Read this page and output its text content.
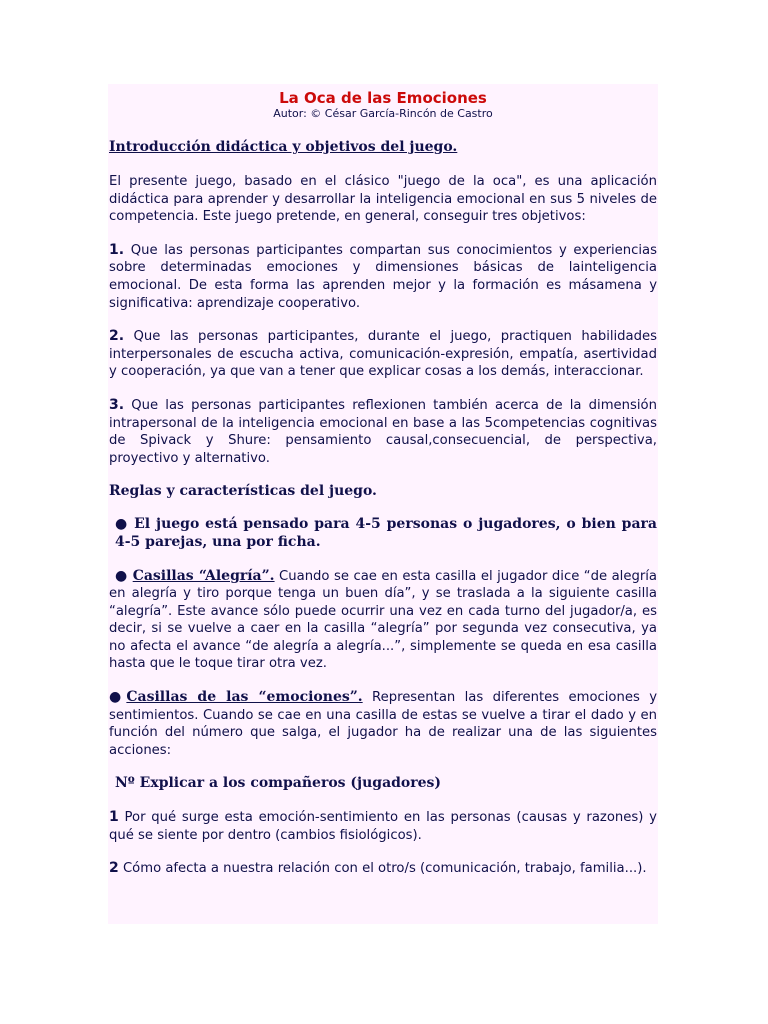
La Oca de las Emociones
Autor: © César García-Rincón de Castro
Introducción didáctica y objetivos del juego.

El presente juego, basado en el clásico "juego de la oca", es una aplicación didáctica para aprender y desarrollar la inteligencia emocional en sus 5 niveles de competencia. Este juego pretende, en general, conseguir tres objetivos:

1. Que las personas participantes compartan sus conocimientos y experiencias sobre determinadas emociones y dimensiones básicas de lainteligencia emocional. De esta forma las aprenden mejor y la formación es másamena y significativa: aprendizaje cooperativo.

2. Que las personas participantes, durante el juego, practiquen habilidades interpersonales de escucha activa, comunicación-expresión, empatía, asertividad y cooperación, ya que van a tener que explicar cosas a los demás, interaccionar.

3. Que las personas participantes reflexionen también acerca de la dimensión intrapersonal de la inteligencia emocional en base a las 5competencias cognitivas de Spivack y Shure: pensamiento causal,consecuencial, de perspectiva, proyectivo y alternativo.

Reglas y características del juego.

● El juego está pensado para 4-5 personas o jugadores, o bien para 4-5 parejas, una por ficha.

● Casillas “Alegría”. Cuando se cae en esta casilla el jugador dice “de alegría en alegría y tiro porque tenga un buen día”, y se traslada a la siguiente casilla “alegría”. Este avance sólo puede ocurrir una vez en cada turno del jugador/a, es decir, si se vuelve a caer en la casilla “alegría” por segunda vez consecutiva, ya no afecta el avance “de alegría a alegría...”, simplemente se queda en esa casilla hasta que le toque tirar otra vez.

●Casillas de las “emociones”. Representan las diferentes emociones y sentimientos. Cuando se cae en una casilla de estas se vuelve a tirar el dado y en función del número que salga, el jugador ha de realizar una de las siguientes acciones:

Nº Explicar a los compañeros (jugadores)

1 Por qué surge esta emoción-sentimiento en las personas (causas y razones) y qué se siente por dentro (cambios fisiológicos).

2 Cómo afecta a nuestra relación con el otro/s (comunicación, trabajo, familia...).
